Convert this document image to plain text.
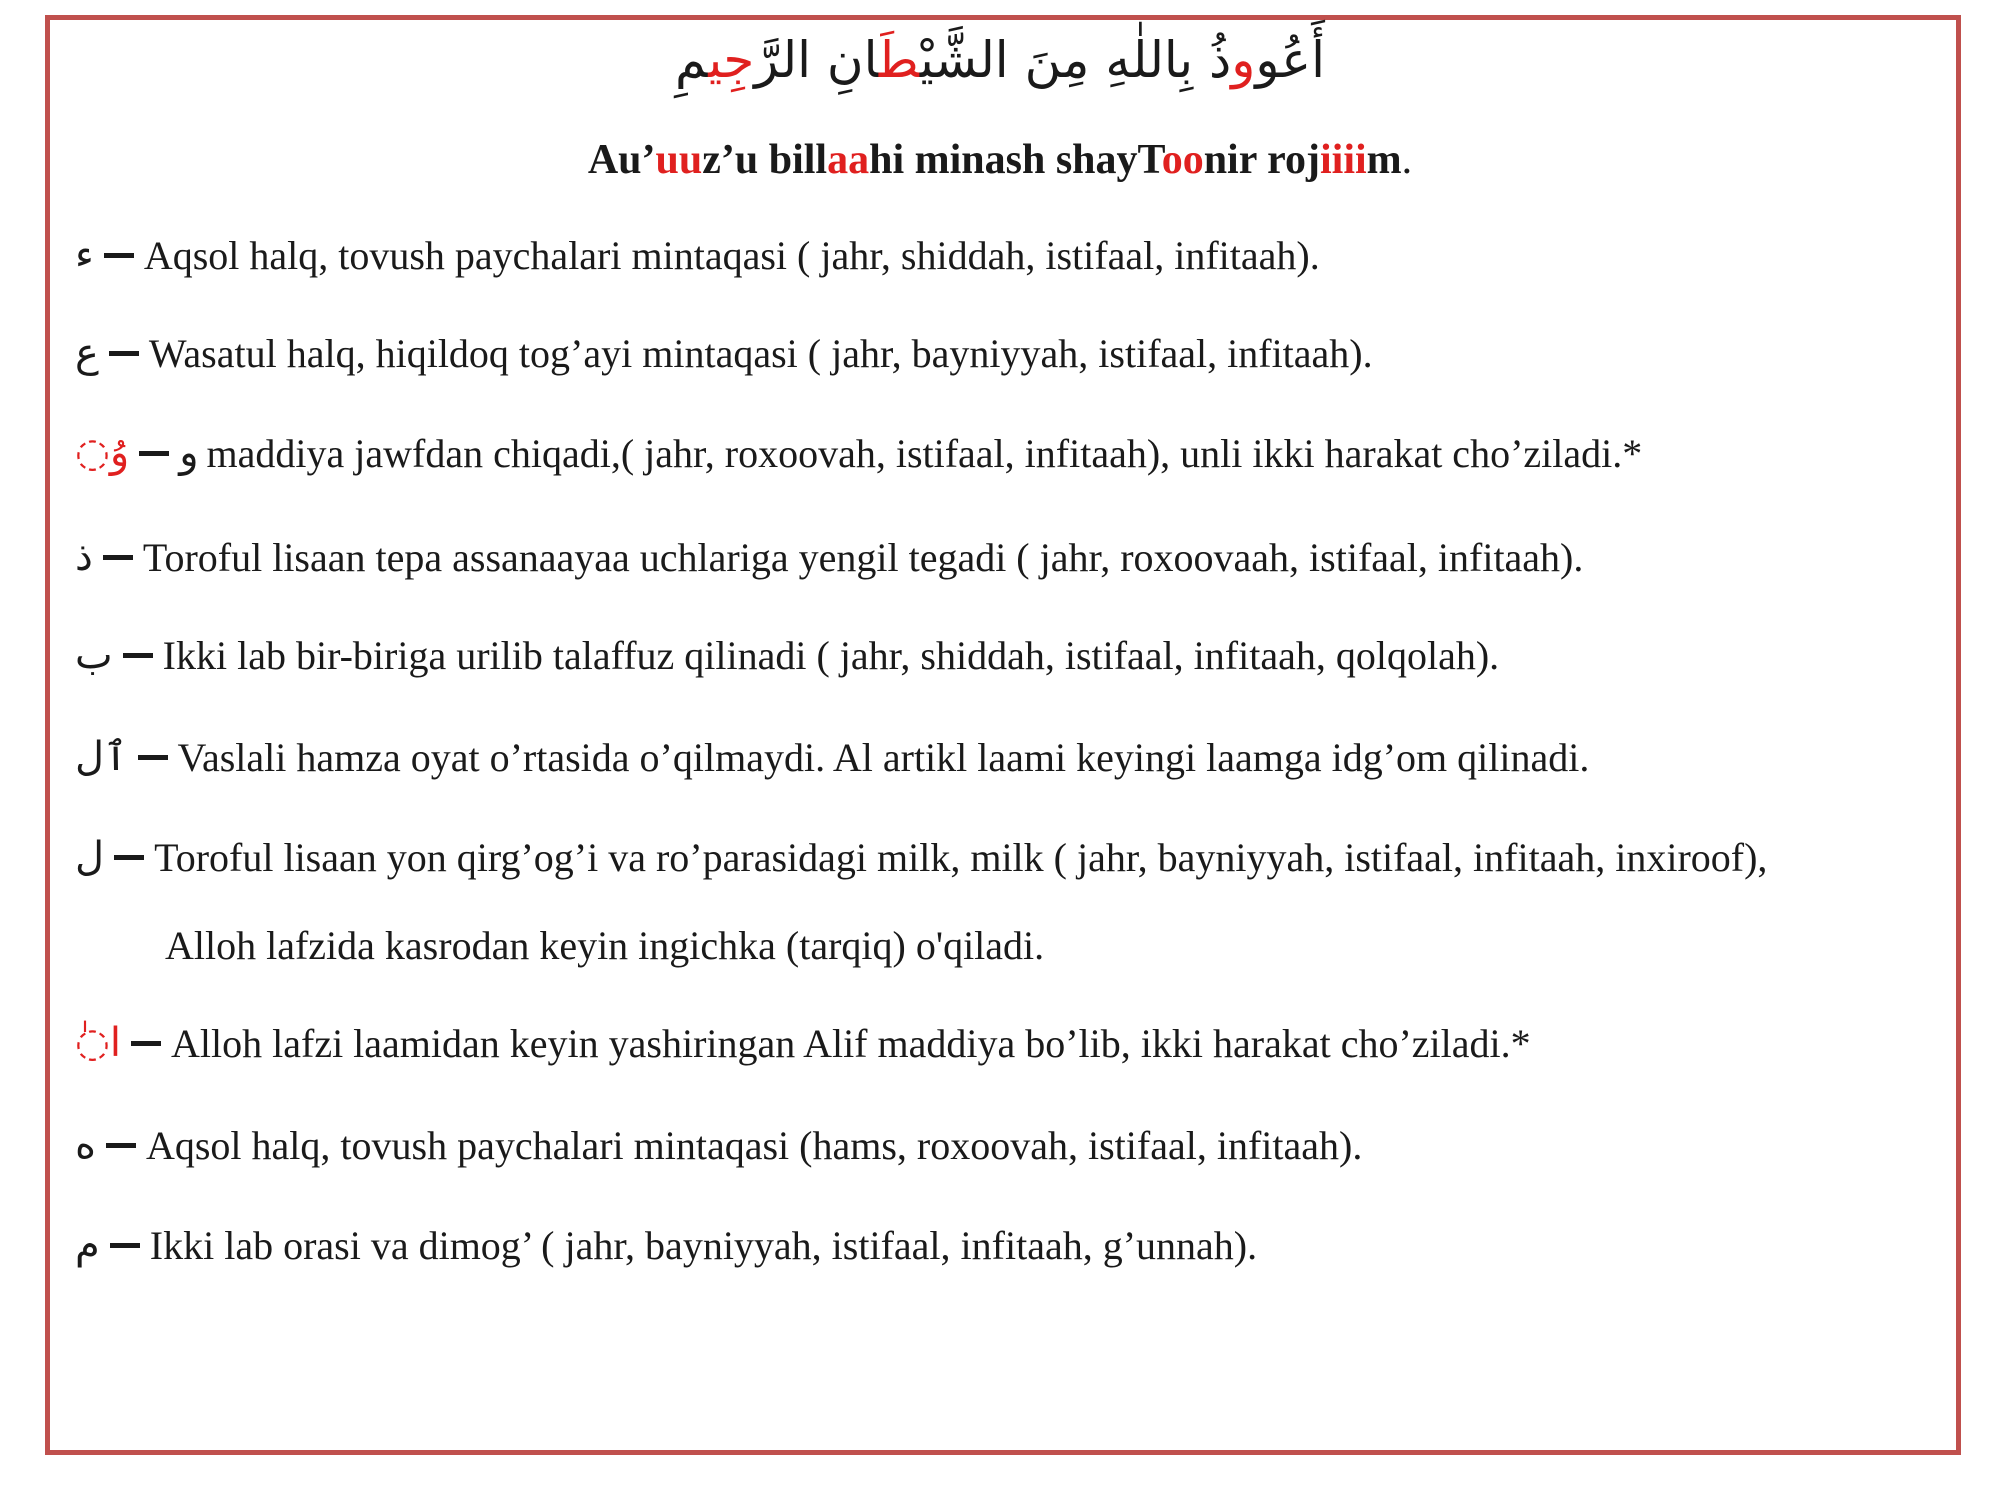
أَعُووذُ بِاللهِ مِنَ الشَّيْطَانِ الرَّجِيمِ
Au’uuz’u billaahi minash shayToonir rojiiiim.
ء Aqsol halq, tovush paychalari mintaqasi ( jahr, shiddah, istifaal, infitaah).
ع Wasatul halq, hiqildoq tog’ayi mintaqasi ( jahr, bayniyyah, istifaal, infitaah).
وُ◌ و maddiya jawfdan chiqadi,( jahr, roxoovah, istifaal, infitaah), unli ikki harakat cho’ziladi.*
ذ Toroful lisaan tepa assanaayaa uchlariga yengil tegadi ( jahr, roxoovaah, istifaal, infitaah).
ب Ikki lab bir-biriga urilib talaffuz qilinadi ( jahr, shiddah, istifaal, infitaah, qolqolah).
ٱل Vaslali hamza oyat o’rtasida o’qilmaydi. Al artikl laami keyingi laamga idg’om qilinadi.
ل Toroful lisaan yon qirg’og’i va ro’parasidagi milk, milk ( jahr, bayniyyah, istifaal, infitaah, inxiroof),
Alloh lafzida kasrodan keyin ingichka (tarqiq) o'qiladi.
ا◌ٰ Alloh lafzi laamidan keyin yashiringan Alif maddiya bo’lib, ikki harakat cho’ziladi.*
ه Aqsol halq, tovush paychalari mintaqasi (hams, roxoovah, istifaal, infitaah).
م Ikki lab orasi va dimog’ ( jahr, bayniyyah, istifaal, infitaah, g’unnah).
